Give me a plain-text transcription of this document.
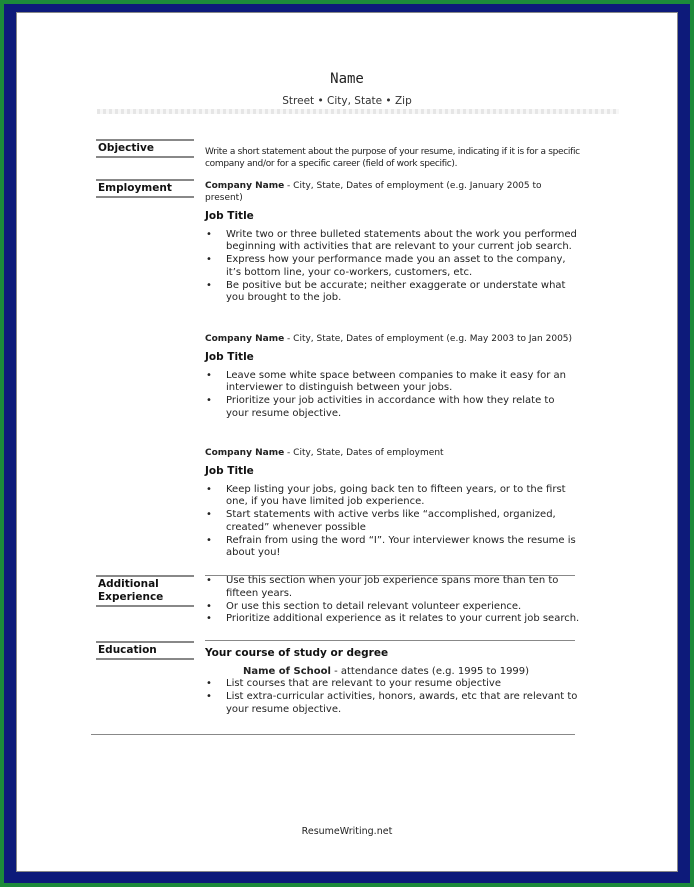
Name
Street • City, State • Zip
Objective	Write a short statement about the purpose of your resume, indicating if it is for a specific company and/or for a specific career (field of work specific).
Employment	Company Name - City, State, Dates of employment (e.g. January 2005 to present)
Job Title
• Write two or three bulleted statements about the work you performed beginning with activities that are relevant to your current job search.
• Express how your performance made you an asset to the company, it’s bottom line, your co-workers, customers, etc.
• Be positive but be accurate; neither exaggerate or understate what you brought to the job.
Company Name - City, State, Dates of employment (e.g. May 2003 to Jan 2005)
Job Title
• Leave some white space between companies to make it easy for an interviewer to distinguish between your jobs.
• Prioritize your job activities in accordance with how they relate to your resume objective.
Company Name - City, State, Dates of employment
Job Title
• Keep listing your jobs, going back ten to fifteen years, or to the first one, if you have limited job experience.
• Start statements with active verbs like “accomplished, organized, created” whenever possible
• Refrain from using the word “I”. Your interviewer knows the resume is about you!
Additional Experience
• Use this section when your job experience spans more than ten to fifteen years.
• Or use this section to detail relevant volunteer experience.
• Prioritize additional experience as it relates to your current job search.
Education	Your course of study or degree
Name of School - attendance dates (e.g. 1995 to 1999)
• List courses that are relevant to your resume objective
• List extra-curricular activities, honors, awards, etc that are relevant to your resume objective.
ResumeWriting.net
